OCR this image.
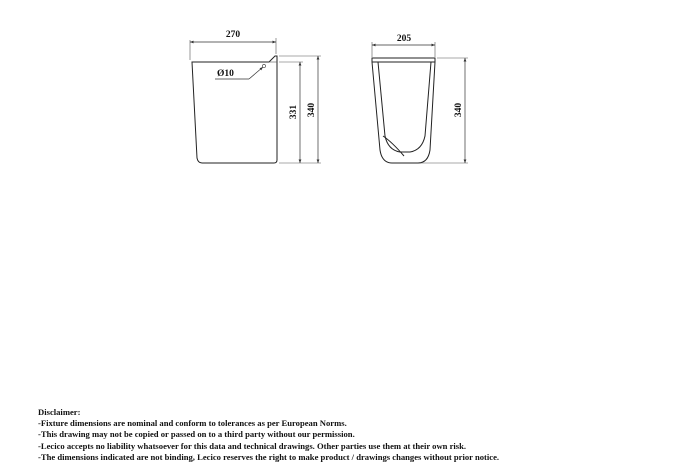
270
Ø10
331 340
205
340
Disclaimer:
-Fixture dimensions are nominal and conform to tolerances as per European Norms.
-This drawing may not be copied or passed on to a third party without our permission.
-Lecico accepts no liability whatsoever for this data and technical drawings. Other parties use them at their own risk.
-The dimensions indicated are not binding, Lecico reserves the right to make product / drawings changes without prior notice.
